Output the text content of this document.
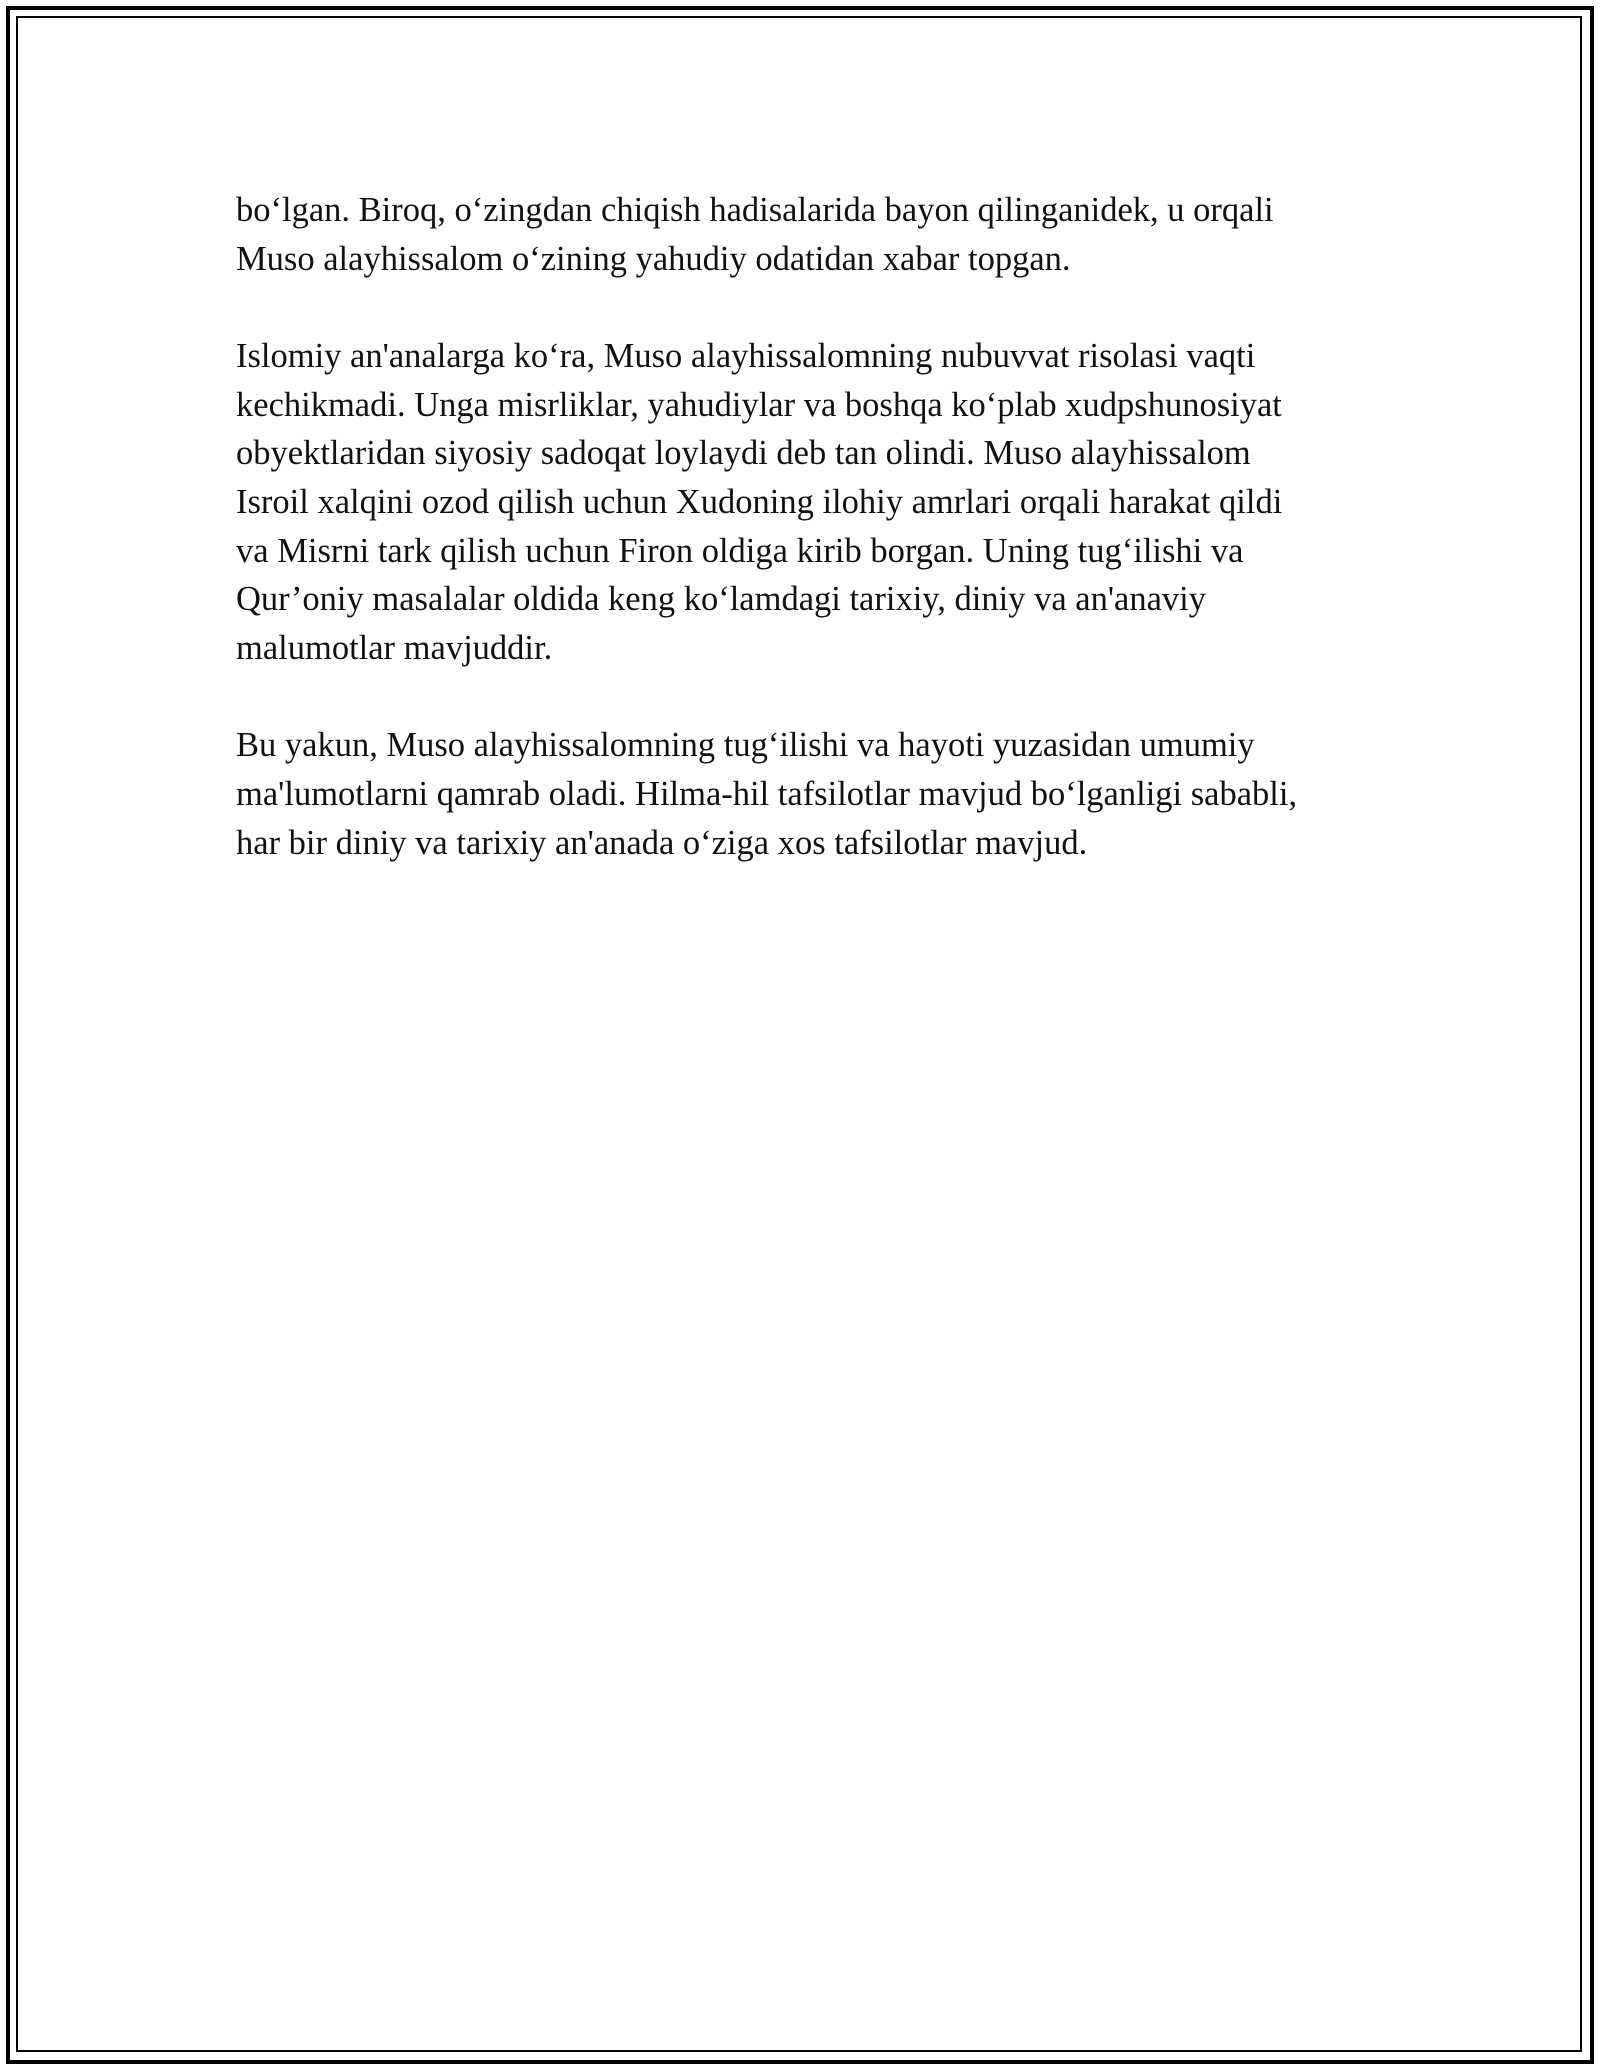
bo‘lgan. Biroq, o‘zingdan chiqish hadisalarida bayon qilinganidek, u orqali
Muso alayhissalom o‘zining yahudiy odatidan xabar topgan.

Islomiy an'analarga ko‘ra, Muso alayhissalomning nubuvvat risolasi vaqti
kechikmadi. Unga misrliklar, yahudiylar va boshqa ko‘plab xudpshunosiyat
obyektlaridan siyosiy sadoqat loylaydi deb tan olindi. Muso alayhissalom
Isroil xalqini ozod qilish uchun Xudoning ilohiy amrlari orqali harakat qildi
va Misrni tark qilish uchun Firon oldiga kirib borgan. Uning tug‘ilishi va
Qur’oniy masalalar oldida keng ko‘lamdagi tarixiy, diniy va an'anaviy
malumotlar mavjuddir.

Bu yakun, Muso alayhissalomning tug‘ilishi va hayoti yuzasidan umumiy
ma'lumotlarni qamrab oladi. Hilma-hil tafsilotlar mavjud bo‘lganligi sababli,
har bir diniy va tarixiy an'anada o‘ziga xos tafsilotlar mavjud.
